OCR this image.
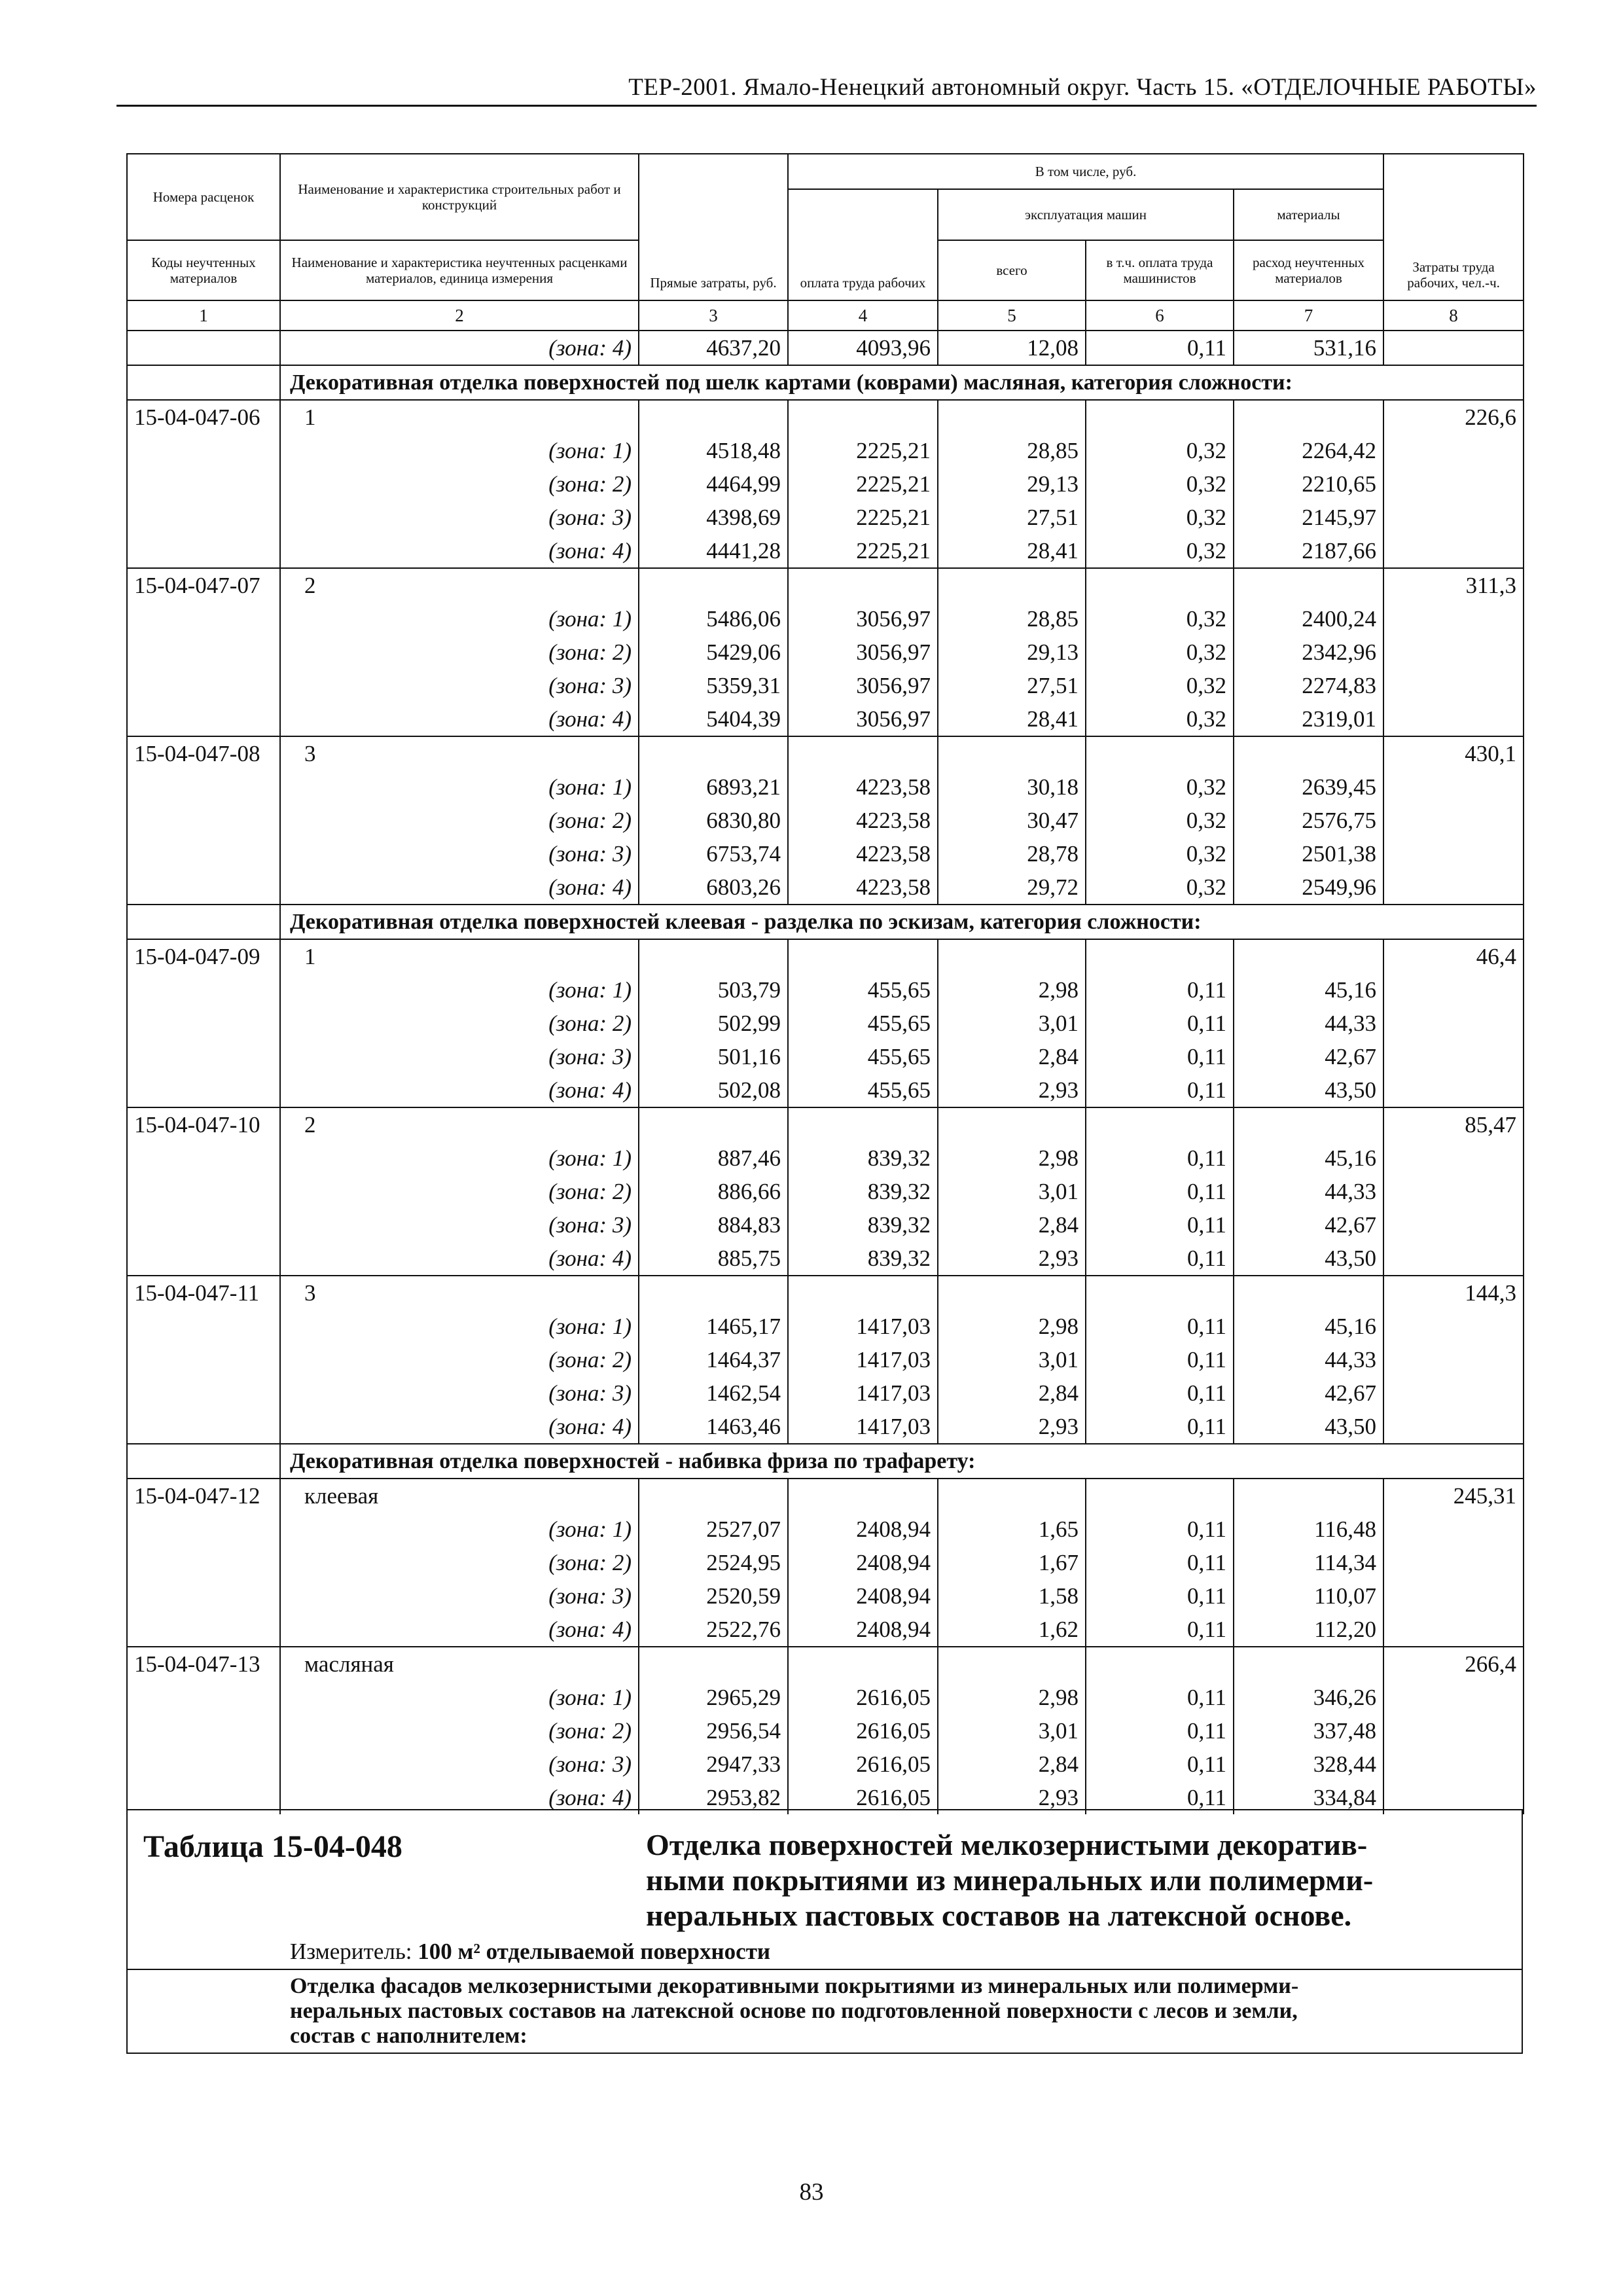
ТЕР-2001. Ямало-Ненецкий автономный округ. Часть 15. «ОТДЕЛОЧНЫЕ РАБОТЫ»
Номера расценок	Наименование и характеристика строительных работ и конструкций	Прямые затраты, руб.	В том числе, руб.				Затраты труда рабочих, чел.-ч.
			оплата труда рабочих	эксплуатация машин		материалы	
Коды неучтенных материалов	Наименование и характеристика неучтенных расценками материалов, единица измерения			всего	в т.ч. оплата труда машинистов	расход неучтенных материалов	
1	2	3	4	5	6	7	8
	(зона: 4)	4637,20	4093,96	12,08	0,11	531,16	
	Декоративная отделка поверхностей под шелк картами (коврами) масляная, категория сложности:						
15-04-047-06	1						226,6
	(зона: 1)	4518,48	2225,21	28,85	0,32	2264,42	
	(зона: 2)	4464,99	2225,21	29,13	0,32	2210,65	
	(зона: 3)	4398,69	2225,21	27,51	0,32	2145,97	
	(зона: 4)	4441,28	2225,21	28,41	0,32	2187,66	
15-04-047-07	2						311,3
	(зона: 1)	5486,06	3056,97	28,85	0,32	2400,24	
	(зона: 2)	5429,06	3056,97	29,13	0,32	2342,96	
	(зона: 3)	5359,31	3056,97	27,51	0,32	2274,83	
	(зона: 4)	5404,39	3056,97	28,41	0,32	2319,01	
15-04-047-08	3						430,1
	(зона: 1)	6893,21	4223,58	30,18	0,32	2639,45	
	(зона: 2)	6830,80	4223,58	30,47	0,32	2576,75	
	(зона: 3)	6753,74	4223,58	28,78	0,32	2501,38	
	(зона: 4)	6803,26	4223,58	29,72	0,32	2549,96	
	Декоративная отделка поверхностей клеевая - разделка по эскизам, категория сложности:						
15-04-047-09	1						46,4
	(зона: 1)	503,79	455,65	2,98	0,11	45,16	
	(зона: 2)	502,99	455,65	3,01	0,11	44,33	
	(зона: 3)	501,16	455,65	2,84	0,11	42,67	
	(зона: 4)	502,08	455,65	2,93	0,11	43,50	
15-04-047-10	2						85,47
	(зона: 1)	887,46	839,32	2,98	0,11	45,16	
	(зона: 2)	886,66	839,32	3,01	0,11	44,33	
	(зона: 3)	884,83	839,32	2,84	0,11	42,67	
	(зона: 4)	885,75	839,32	2,93	0,11	43,50	
15-04-047-11	3						144,3
	(зона: 1)	1465,17	1417,03	2,98	0,11	45,16	
	(зона: 2)	1464,37	1417,03	3,01	0,11	44,33	
	(зона: 3)	1462,54	1417,03	2,84	0,11	42,67	
	(зона: 4)	1463,46	1417,03	2,93	0,11	43,50	
	Декоративная отделка поверхностей - набивка фриза по трафарету:						
15-04-047-12	клеевая						245,31
	(зона: 1)	2527,07	2408,94	1,65	0,11	116,48	
	(зона: 2)	2524,95	2408,94	1,67	0,11	114,34	
	(зона: 3)	2520,59	2408,94	1,58	0,11	110,07	
	(зона: 4)	2522,76	2408,94	1,62	0,11	112,20	
15-04-047-13	масляная						266,4
	(зона: 1)	2965,29	2616,05	2,98	0,11	346,26	
	(зона: 2)	2956,54	2616,05	3,01	0,11	337,48	
	(зона: 3)	2947,33	2616,05	2,84	0,11	328,44	
	(зона: 4)	2953,82	2616,05	2,93	0,11	334,84	
Таблица 15-04-048	Отделка поверхностей мелкозернистыми декоратив-
ными покрытиями из минеральных или полимерми-
неральных пастовых составов на латексной основе.
Измеритель: 100 м² отделываемой поверхности
Отделка фасадов мелкозернистыми декоративными покрытиями из минеральных или полимерми-
неральных пастовых составов на латексной основе по подготовленной поверхности с лесов и земли,
состав с наполнителем:
83
